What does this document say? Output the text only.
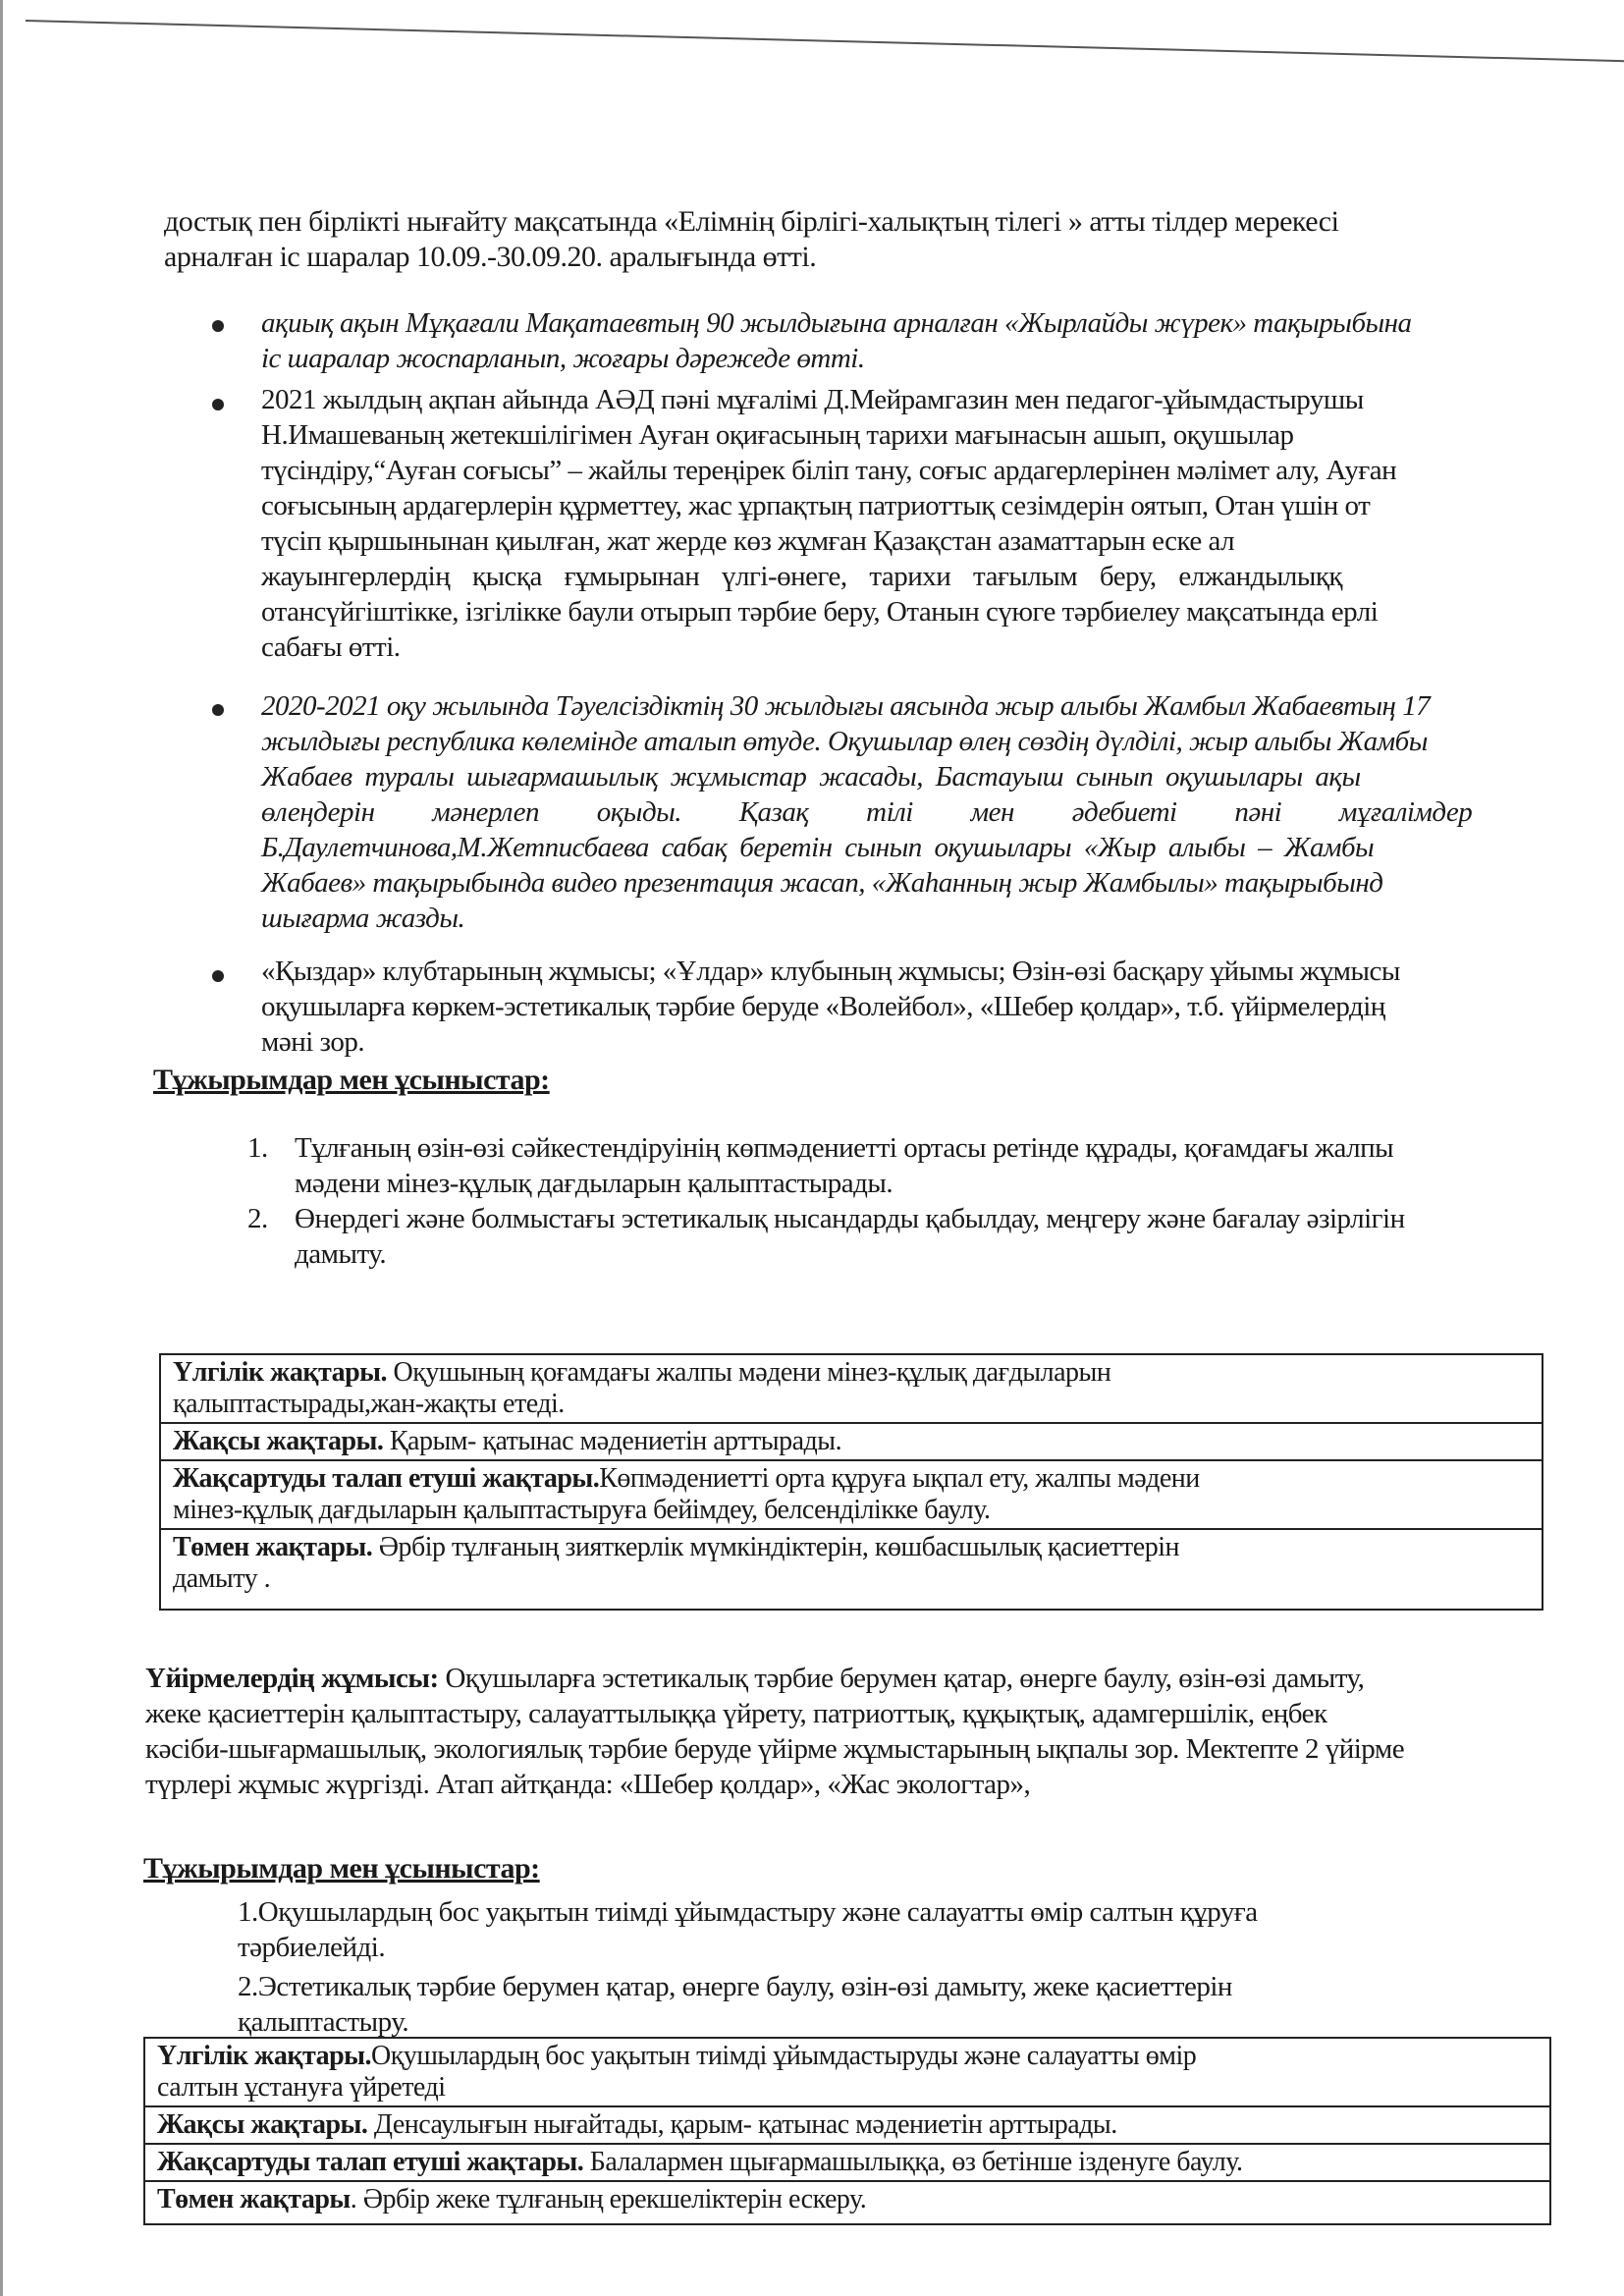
достық пен бірлікті нығайту мақсатында «Елімнің бірлігі-халықтың тілегі » атты тілдер мерекесі
арналған іс шаралар 10.09.-30.09.20. аралығында өтті.
ақиық ақын Мұқағали Мақатаевтың 90 жылдығына арналған «Жырлайды жүрек» тақырыбына
іс шаралар жоспарланып, жоғары дәрежеде өтті.
2021 жылдың ақпан айында АӘД пәні мұғалімі Д.Мейрамгазин мен педагог-ұйымдастырушы
Н.Имашеваның жетекшілігімен Ауған оқиғасының тарихи мағынасын ашып, оқушылар
түсіндіру,“Ауған соғысы” – жайлы тереңірек біліп тану, соғыс ардагерлерінен мәлімет алу, Ауған
соғысының ардагерлерін құрметтеу, жас ұрпақтың патриоттық сезімдерін оятып, Отан үшін от
түсіп қыршынынан қиылған, жат жерде көз жұмған Қазақстан азаматтарын еске ал
жауынгерлердің қысқа ғұмырынан үлгі-өнеге, тарихи тағылым беру, елжандылыққ
отансүйгіштікке, ізгілікке баули отырып тәрбие беру, Отанын сүюге тәрбиелеу мақсатында ерлі
сабағы өтті.
2020-2021 оқу жылында Тәуелсіздіктің 30 жылдығы аясында жыр алыбы Жамбыл Жабаевтың 17
жылдығы республика көлемінде аталып өтуде. Оқушылар өлең сөздің дүлділі, жыр алыбы Жамбы
Жабаев туралы шығармашылық жұмыстар жасады, Бастауыш сынып оқушылары ақы
өлеңдерін мәнерлеп оқыды. Қазақ тілі мен әдебиеті пәні мұғалімдер
Б.Даулетчинова,М.Жетписбаева сабақ беретін сынып оқушылары «Жыр алыбы – Жамбы
Жабаев» тақырыбында видео презентация жасап, «Жаһанның жыр Жамбылы» тақырыбынд
шығарма жазды.
«Қыздар» клубтарының жұмысы; «Ұлдар» клубының жұмысы; Өзін-өзі басқару ұйымы жұмысы
оқушыларға көркем-эстетикалық тәрбие беруде «Волейбол», «Шебер қолдар», т.б. үйірмелердің
мәні зор.
Тұжырымдар мен ұсыныстар:
1. Тұлғаның өзін-өзі сәйкестендіруінің көпмәдениетті ортасы ретінде құрады, қоғамдағы жалпы
мәдени мінез-құлық дағдыларын қалыптастырады.
2. Өнердегі және болмыстағы эстетикалық нысандарды қабылдау, меңгеру және бағалау әзірлігін
дамыту.
Үлгілік жақтары. Оқушының қоғамдағы жалпы мәдени мінез-құлық дағдыларын
қалыптастырады,жан-жақты етеді.
Жақсы жақтары. Қарым- қатынас мәдениетін арттырады.
Жақсартуды талап етуші жақтары.Көпмәдениетті орта құруға ықпал ету, жалпы мәдени
мінез-құлық дағдыларын қалыптастыруға бейімдеу, белсенділікке баулу.
Төмен жақтары. Әрбір тұлғаның зияткерлік мүмкіндіктерін, көшбасшылық қасиеттерін
дамыту .
Үйірмелердің жұмысы: Оқушыларға эстетикалық тәрбие берумен қатар, өнерге баулу, өзін-өзі дамыту,
жеке қасиеттерін қалыптастыру, салауаттылыққа үйрету, патриоттық, құқықтық, адамгершілік, еңбек
кәсіби-шығармашылық, экологиялық тәрбие беруде үйірме жұмыстарының ықпалы зор. Мектепте 2 үйірме
түрлері жұмыс жүргізді. Атап айтқанда: «Шебер қолдар», «Жас экологтар»,
Тұжырымдар мен ұсыныстар:
1.Оқушылардың бос уақытын тиімді ұйымдастыру және салауатты өмір салтын құруға
тәрбиелейді.
2.Эстетикалық тәрбие берумен қатар, өнерге баулу, өзін-өзі дамыту, жеке қасиеттерін
қалыптастыру.
Үлгілік жақтары.Оқушылардың бос уақытын тиімді ұйымдастыруды және салауатты өмір
салтын ұстануға үйретеді
Жақсы жақтары. Денсаулығын нығайтады, қарым- қатынас мәдениетін арттырады.
Жақсартуды талап етуші жақтары. Балалармен щығармашылыққа, өз бетінше ізденуге баулу.
Төмен жақтары. Әрбір жеке тұлғаның ерекшеліктерін ескеру.
